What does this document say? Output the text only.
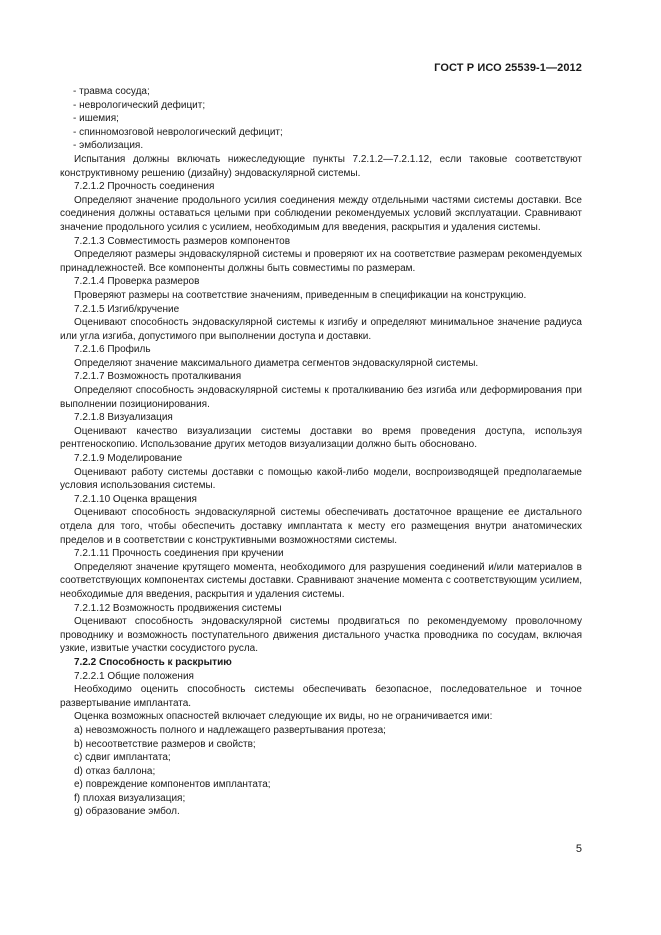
ГОСТ Р ИСО 25539-1—2012

- травма сосуда;

- неврологический дефицит;

- ишемия;

- спинномозговой неврологический дефицит;

- эмболизация.

Испытания должны включать нижеследующие пункты 7.2.1.2—7.2.1.12, если таковые соответствуют конструктивному решению (дизайну) эндоваскулярной системы.

7.2.1.2 Прочность соединения

Определяют значение продольного усилия соединения между отдельными частями системы доставки. Все соединения должны оставаться целыми при соблюдении рекомендуемых условий эксплуатации. Сравнивают значение продольного усилия с усилием, необходимым для введения, раскрытия и удаления системы.

7.2.1.3 Совместимость размеров компонентов

Определяют размеры эндоваскулярной системы и проверяют их на соответствие размерам рекомендуемых принадлежностей. Все компоненты должны быть совместимы по размерам.

7.2.1.4 Проверка размеров

Проверяют размеры на соответствие значениям, приведенным в спецификации на конструкцию.

7.2.1.5 Изгиб/кручение

Оценивают способность эндоваскулярной системы к изгибу и определяют минимальное значение радиуса или угла изгиба, допустимого при выполнении доступа и доставки.

7.2.1.6 Профиль

Определяют значение максимального диаметра сегментов эндоваскулярной системы.

7.2.1.7 Возможность проталкивания

Определяют способность эндоваскулярной системы к проталкиванию без изгиба или деформирования при выполнении позиционирования.

7.2.1.8 Визуализация

Оценивают качество визуализации системы доставки во время проведения доступа, используя рентгеноскопию. Использование других методов визуализации должно быть обосновано.

7.2.1.9 Моделирование

Оценивают работу системы доставки с помощью какой-либо модели, воспроизводящей предполагаемые условия использования системы.

7.2.1.10 Оценка вращения

Оценивают способность эндоваскулярной системы обеспечивать достаточное вращение ее дистального отдела для того, чтобы обеспечить доставку имплантата к месту его размещения внутри анатомических пределов и в соответствии с конструктивными возможностями системы.

7.2.1.11 Прочность соединения при кручении

Определяют значение крутящего момента, необходимого для разрушения соединений и/или материалов в соответствующих компонентах системы доставки. Сравнивают значение момента с соответствующим усилием, необходимые для введения, раскрытия и удаления системы.

7.2.1.12 Возможность продвижения системы

Оценивают способность эндоваскулярной системы продвигаться по рекомендуемому проволочному проводнику и возможность поступательного движения дистального участка проводника по сосудам, включая узкие, извитые участки сосудистого русла.

7.2.2 Способность к раскрытию

7.2.2.1 Общие положения

Необходимо оценить способность системы обеспечивать безопасное, последовательное и точное развертывание имплантата.

Оценка возможных опасностей включает следующие их виды, но не ограничивается ими:

a) невозможность полного и надлежащего развертывания протеза;

b) несоответствие размеров и свойств;

c) сдвиг имплантата;

d) отказ баллона;

e) повреждение компонентов имплантата;

f) плохая визуализация;

g) образование эмбол.

5
